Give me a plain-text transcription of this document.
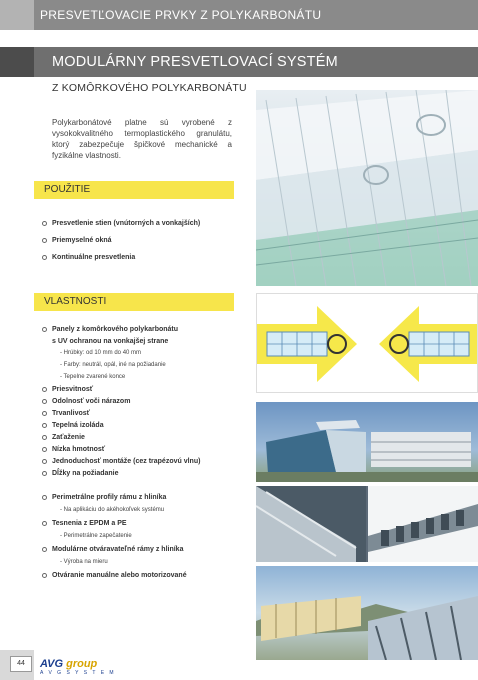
PRESVETĽOVACIE PRVKY Z POLYKARBONÁTU
MODULÁRNY PRESVETLOVACÍ SYSTÉM
Z KOMÔRKOVÉHO POLYKARBONÁTU
Polykarbonátové platne sú vyrobené z vysokokvalitného termoplastického granulátu, ktorý zabezpečuje špičkové mechanické a fyzikálne vlastnosti.
POUŽITIE
Presvetlenie stien (vnútorných a vonkajších)
Priemyselné okná
Kontinuálne presvetlenia
VLASTNOSTI
Panely z komôrkového polykarbonátu
s UV ochranou na vonkajšej strane
- Hrúbky: od 10 mm do 40 mm
- Farby: neutrál, opál, iné na požiadanie
- Tepelne zvarené konce
Priesvitnosť
Odolnosť voči nárazom
Trvanlivosť
Tepelná izoláda
Zaťaženie
Nízka hmotnosť
Jednoduchosť montáže (cez trapézovú vlnu)
Dĺžky na požiadanie
Perimetrálne profily rámu z hliníka
- Na aplikáciu do akéhokoľvek systému
Tesnenia z EPDM a PE
- Perimetrálne zapečatenie
Modulárne otváravateľné rámy z hliníka
- Výroba na mieru
Otváranie manuálne alebo motorizované
44	AVG group
A V G S Y S T E M
